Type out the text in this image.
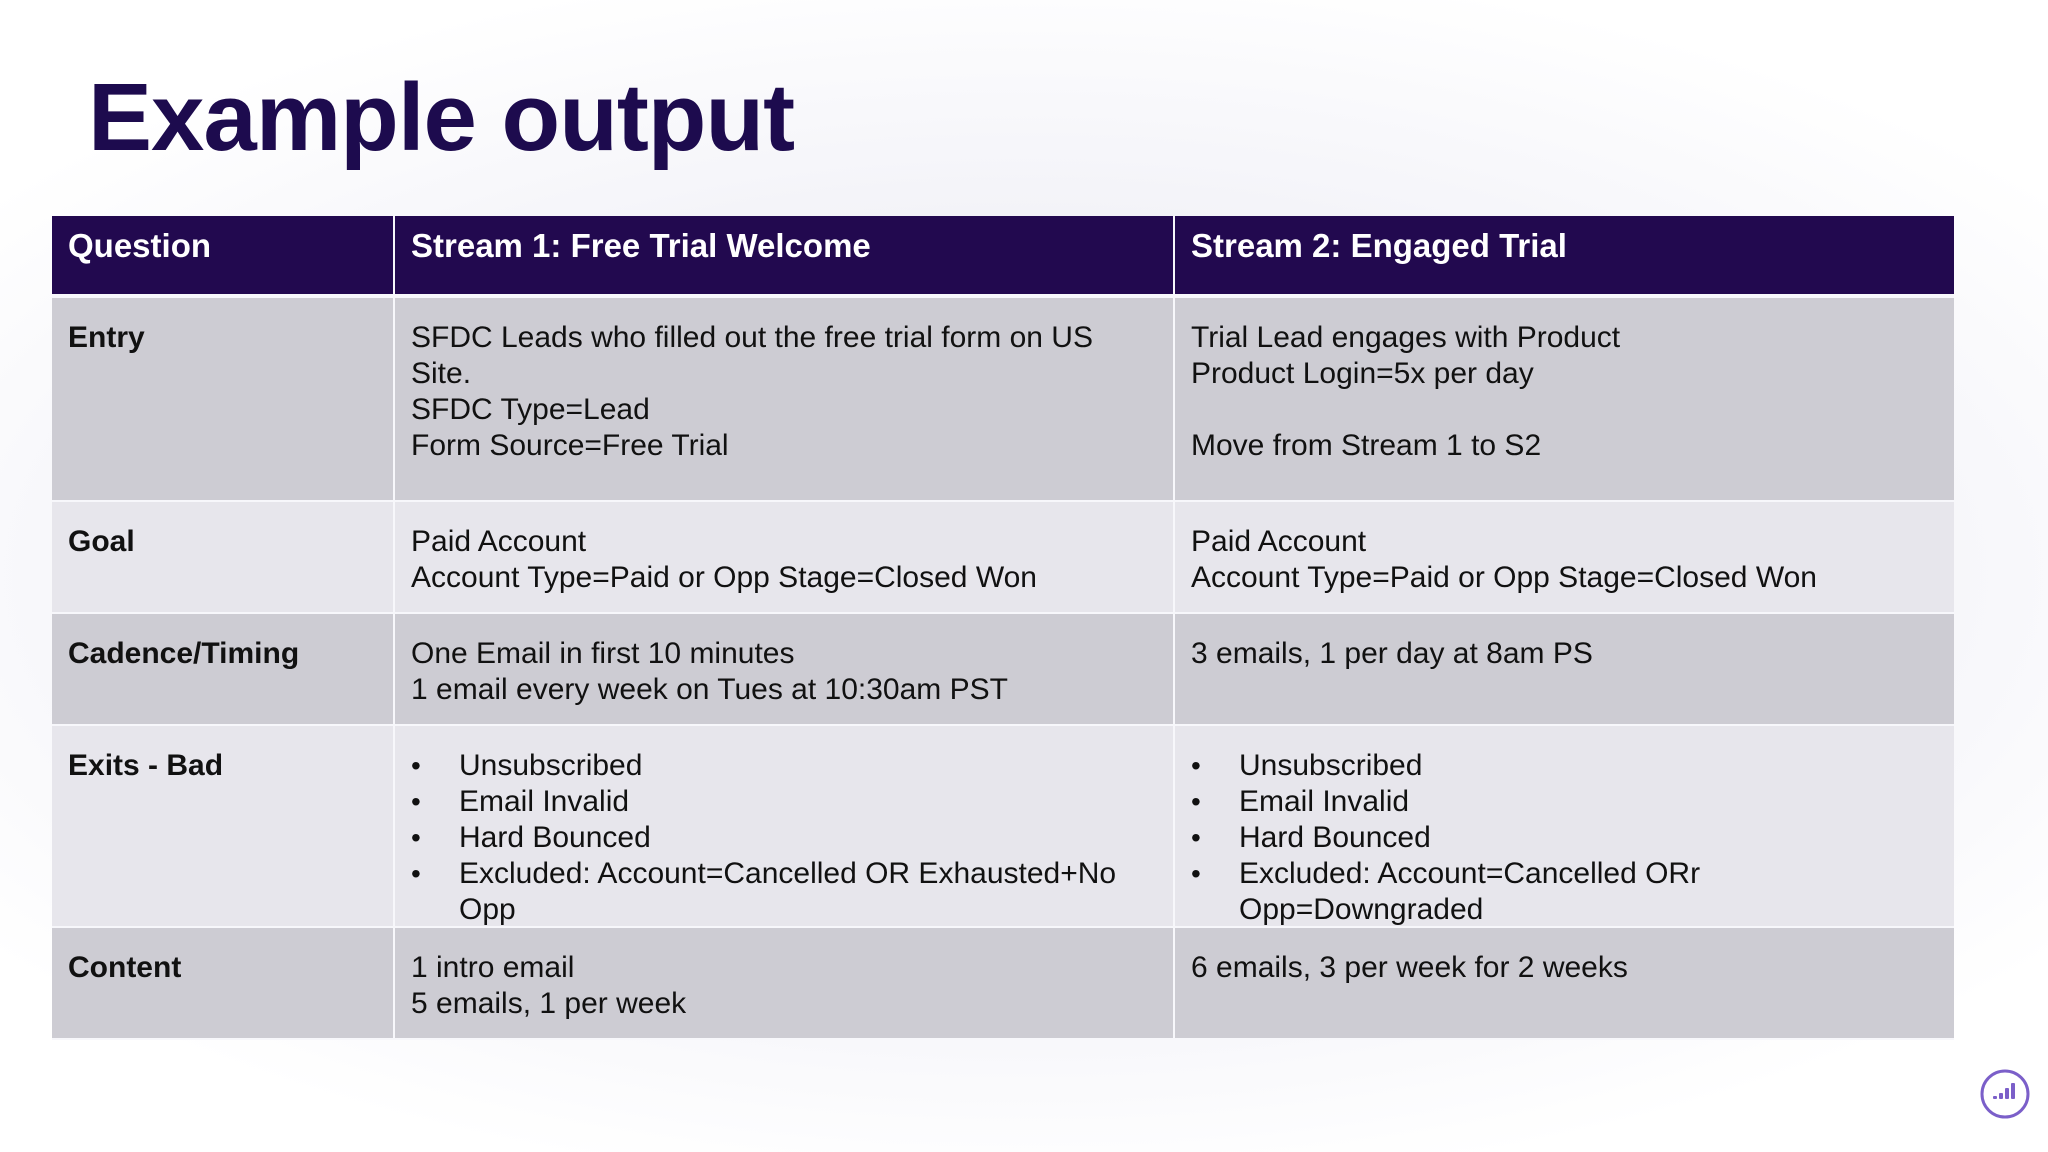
Example output
Question	Stream 1: Free Trial Welcome	Stream 2: Engaged Trial
Entry	SFDC Leads who filled out the free trial form on US
Site.
SFDC Type=Lead
Form Source=Free Trial
Trial Lead engages with Product
Product Login=5x per day
Move from Stream 1 to S2
Goal	Paid Account
Account Type=Paid or Opp Stage=Closed Won
Paid Account
Account Type=Paid or Opp Stage=Closed Won
Cadence/Timing	One Email in first 10 minutes
1 email every week on Tues at 10:30am PST
3 emails, 1 per day at 8am PS
Exits - Bad
•	Unsubscribed
• Email Invalid
• Hard Bounced
• Excluded: Account=Cancelled OR Exhausted+No
Opp
• Unsubscribed
• Email Invalid
• Hard Bounced
• Excluded: Account=Cancelled ORr
Opp=Downgraded
Content	1 intro email
5 emails, 1 per week
6 emails, 3 per week for 2 weeks
